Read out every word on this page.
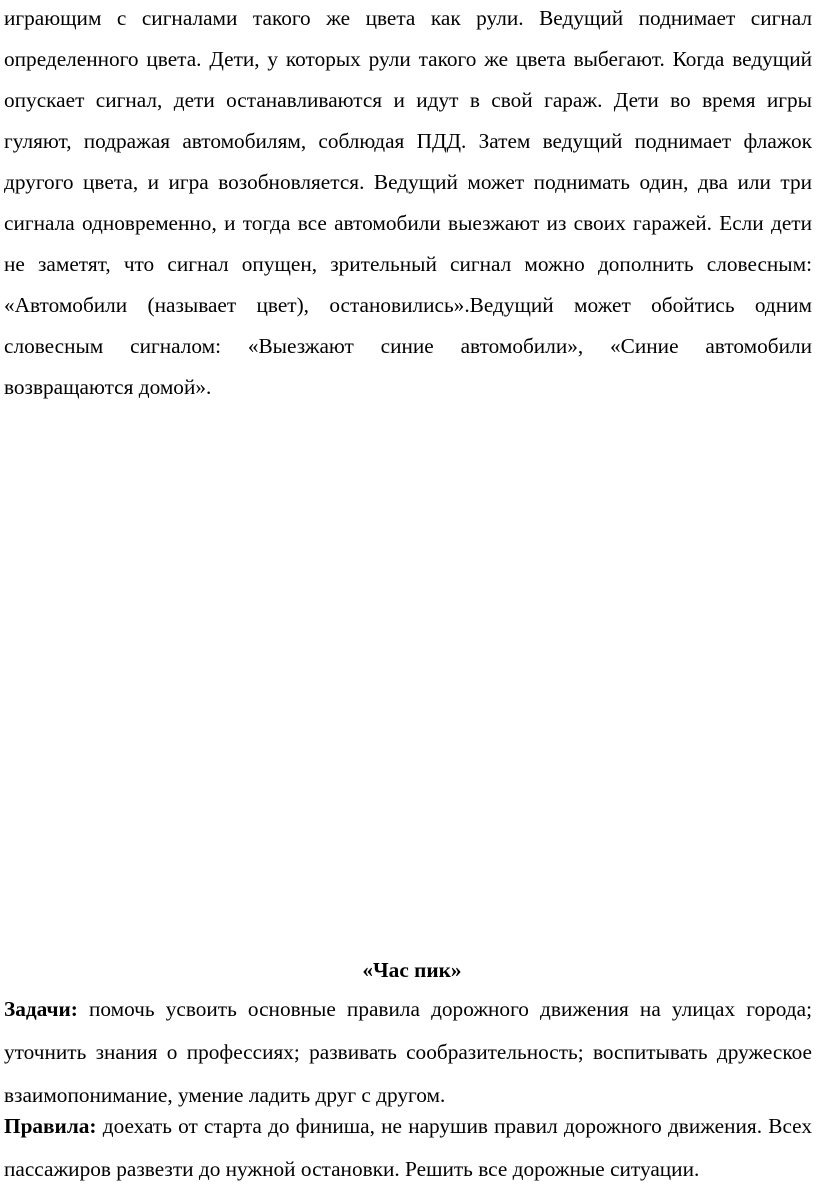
играющим с сигналами такого же цвета как рули. Ведущий поднимает сигнал определенного цвета. Дети, у которых рули такого же цвета выбегают. Когда ведущий опускает сигнал, дети останавливаются и идут в свой гараж. Дети во время игры гуляют, подражая автомобилям, соблюдая ПДД. Затем ведущий поднимает флажок другого цвета, и игра возобновляется. Ведущий может поднимать один, два или три сигнала одновременно, и тогда все автомобили выезжают из своих гаражей. Если дети не заметят, что сигнал опущен, зрительный сигнал можно дополнить словесным: «Автомобили (называет цвет), остановились».Ведущий может обойтись одним словесным сигналом: «Выезжают синие автомобили», «Синие автомобили возвращаются домой».

«Час пик»

Задачи: помочь усвоить основные правила дорожного движения на улицах города; уточнить знания о профессиях; развивать сообразительность; воспитывать дружеское взаимопонимание, умение ладить друг с другом.

Правила: доехать от старта до финиша, не нарушив правил дорожного движения. Всех пассажиров развезти до нужной остановки. Решить все дорожные ситуации.
